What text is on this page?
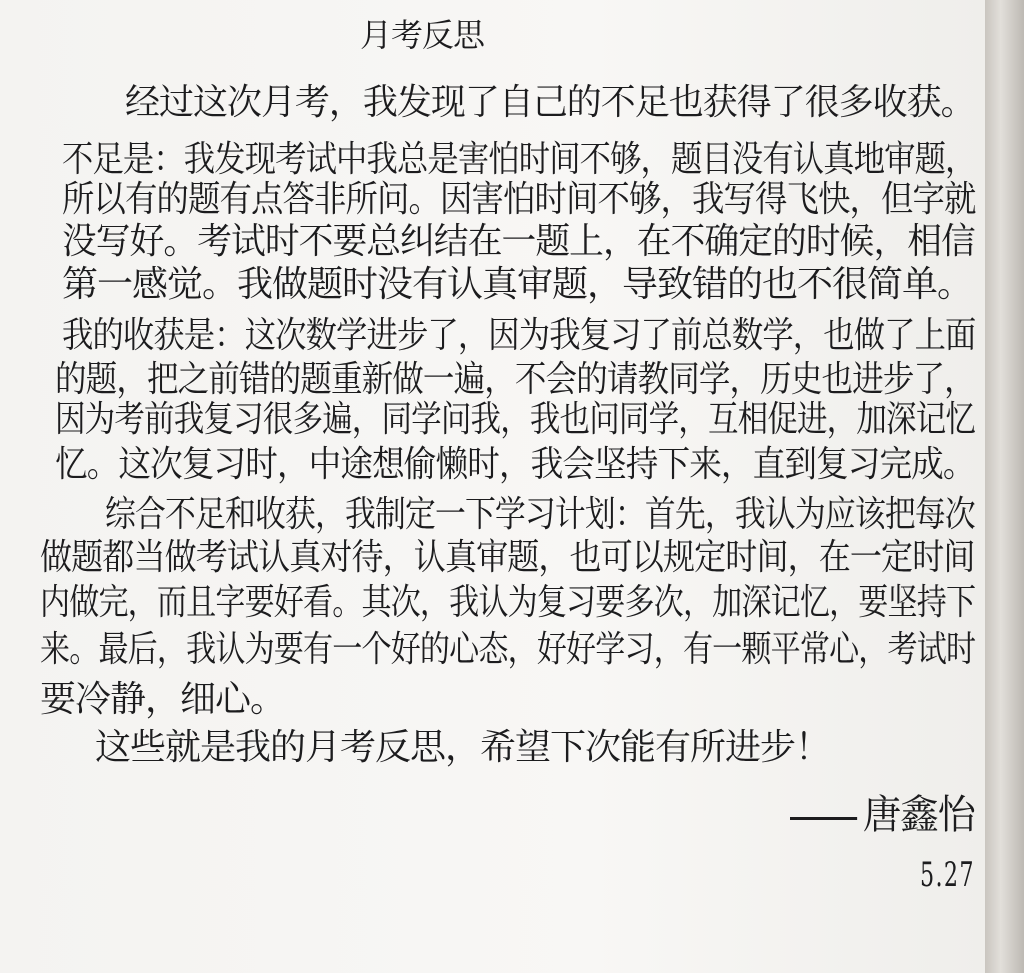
月考反思
经过这次月考，我发现了自己的不足也获得了很多收获。
不足是：我发现考试中我总是害怕时间不够，题目没有认真地审题，
所以有的题有点答非所问。因害怕时间不够，我写得飞快，但字就
没写好。考试时不要总纠结在一题上，在不确定的时候，相信
第一感觉。我做题时没有认真审题，导致错的也不很简单。
我的收获是：这次数学进步了，因为我复习了前总数学，也做了上面
的题，把之前错的题重新做一遍，不会的请教同学，历史也进步了，
因为考前我复习很多遍，同学问我，我也问同学，互相促进，加深记忆
忆。这次复习时，中途想偷懒时，我会坚持下来，直到复习完成。
综合不足和收获，我制定一下学习计划：首先，我认为应该把每次
做题都当做考试认真对待，认真审题，也可以规定时间，在一定时间
内做完，而且字要好看。其次，我认为复习要多次，加深记忆，要坚持下
来。最后，我认为要有一个好的心态，好好学习，有一颗平常心，考试时
要冷静，细心。
这些就是我的月考反思，希望下次能有所进步！
唐鑫怡
5.27
